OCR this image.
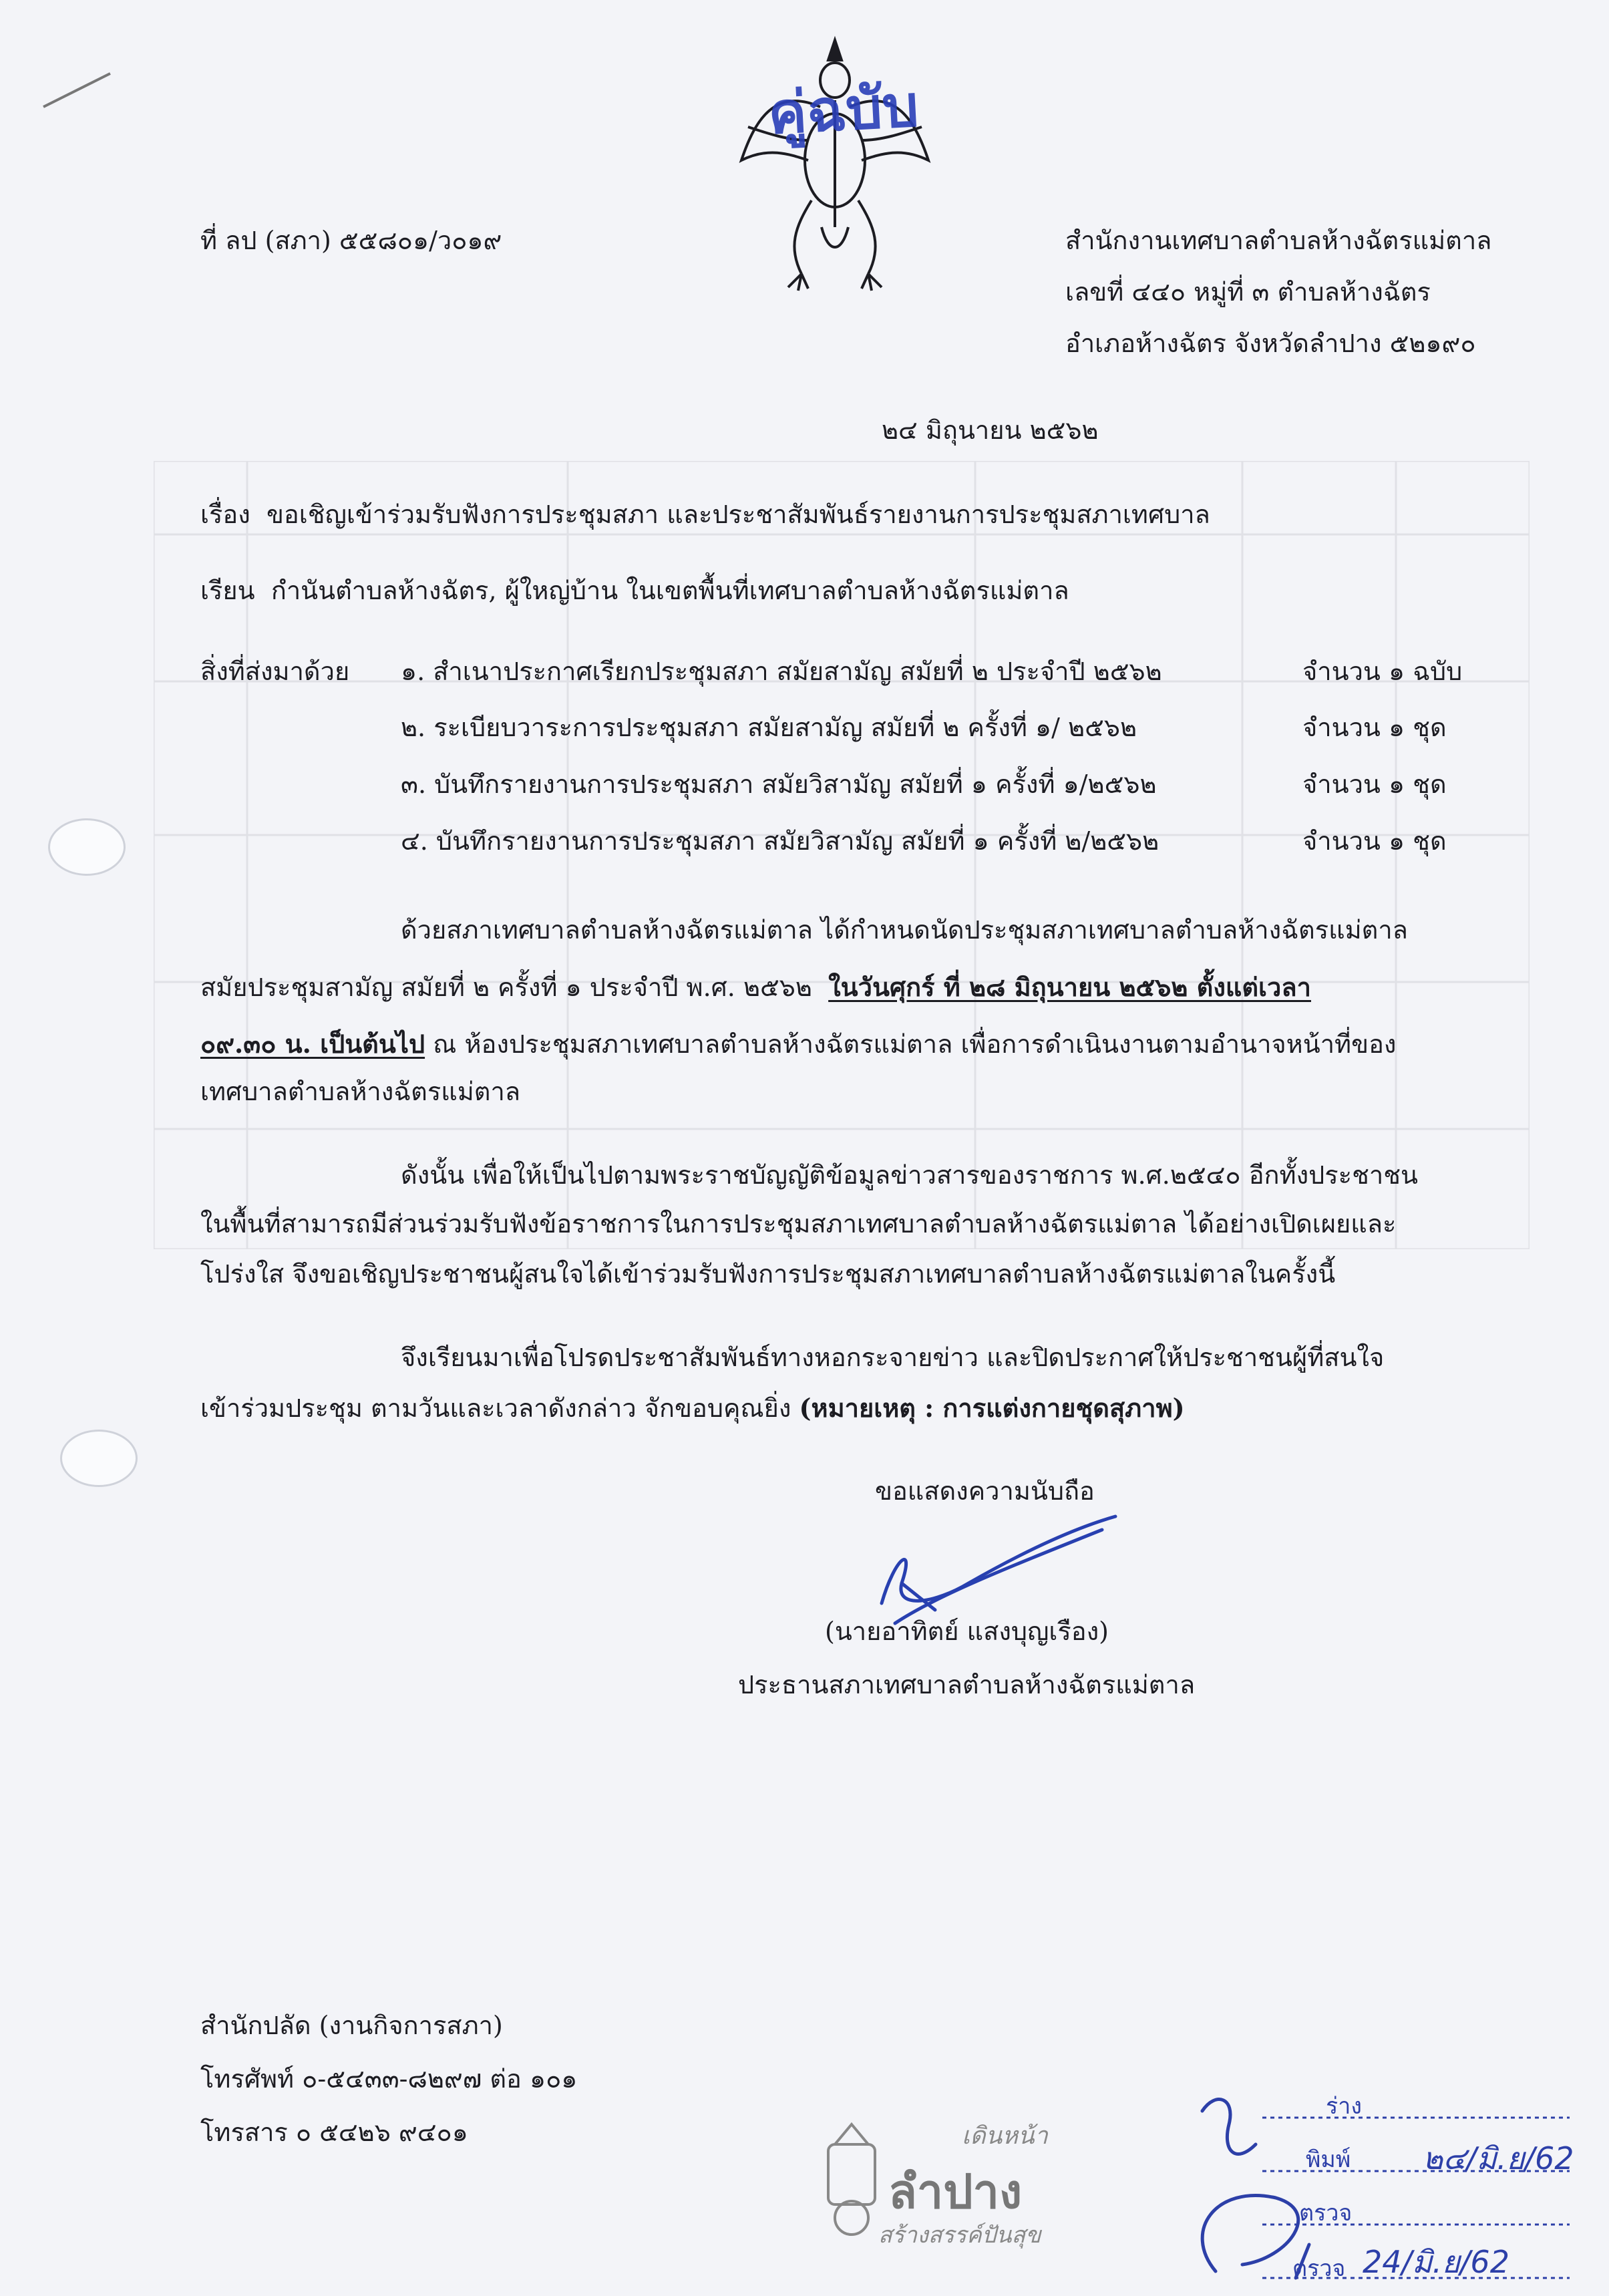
คู่ฉบับ
ที่ ลป (สภา) ๕๕๘๐๑/ว๐๑๙	สำนักงานเทศบาลตำบลห้างฉัตรแม่ตาล
เลขที่ ๔๔๐ หมู่ที่ ๓ ตำบลห้างฉัตร
อำเภอห้างฉัตร จังหวัดลำปาง ๕๒๑๙๐
๒๔ มิถุนายน ๒๕๖๒
เรื่อง ขอเชิญเข้าร่วมรับฟังการประชุมสภา และประชาสัมพันธ์รายงานการประชุมสภาเทศบาล
เรียน กำนันตำบลห้างฉัตร, ผู้ใหญ่บ้าน ในเขตพื้นที่เทศบาลตำบลห้างฉัตรแม่ตาล
สิ่งที่ส่งมาด้วย ๑. สำเนาประกาศเรียกประชุมสภา สมัยสามัญ สมัยที่ ๒ ประจำปี ๒๕๖๒	จำนวน ๑ ฉบับ
๒. ระเบียบวาระการประชุมสภา สมัยสามัญ สมัยที่ ๒ ครั้งที่ ๑/ ๒๕๖๒	จำนวน ๑ ชุด
๓. บันทึกรายงานการประชุมสภา สมัยวิสามัญ สมัยที่ ๑ ครั้งที่ ๑/๒๕๖๒	จำนวน ๑ ชุด
๔. บันทึกรายงานการประชุมสภา สมัยวิสามัญ สมัยที่ ๑ ครั้งที่ ๒/๒๕๖๒	จำนวน ๑ ชุด
ด้วยสภาเทศบาลตำบลห้างฉัตรแม่ตาล ได้กำหนดนัดประชุมสภาเทศบาลตำบลห้างฉัตรแม่ตาล
สมัยประชุมสามัญ สมัยที่ ๒ ครั้งที่ ๑ ประจำปี พ.ศ. ๒๕๖๒ ในวันศุกร์ ที่ ๒๘ มิถุนายน ๒๕๖๒ ตั้งแต่เวลา
๐๙.๓๐ น. เป็นต้นไป ณ ห้องประชุมสภาเทศบาลตำบลห้างฉัตรแม่ตาล เพื่อการดำเนินงานตามอำนาจหน้าที่ของ
เทศบาลตำบลห้างฉัตรแม่ตาล
ดังนั้น เพื่อให้เป็นไปตามพระราชบัญญัติข้อมูลข่าวสารของราชการ พ.ศ.๒๕๔๐ อีกทั้งประชาชน
ในพื้นที่สามารถมีส่วนร่วมรับฟังข้อราชการในการประชุมสภาเทศบาลตำบลห้างฉัตรแม่ตาล ได้อย่างเปิดเผยและ
โปร่งใส จึงขอเชิญประชาชนผู้สนใจได้เข้าร่วมรับฟังการประชุมสภาเทศบาลตำบลห้างฉัตรแม่ตาลในครั้งนี้
จึงเรียนมาเพื่อโปรดประชาสัมพันธ์ทางหอกระจายข่าว และปิดประกาศให้ประชาชนผู้ที่สนใจ
เข้าร่วมประชุม ตามวันและเวลาดังกล่าว จักขอบคุณยิ่ง (หมายเหตุ : การแต่งกายชุดสุภาพ)
ขอแสดงความนับถือ
(นายอาทิตย์ แสงบุญเรือง)
ประธานสภาเทศบาลตำบลห้างฉัตรแม่ตาล
สำนักปลัด (งานกิจการสภา)
โทรศัพท์ ๐-๕๔๓๓-๘๒๙๗ ต่อ ๑๐๑
โทรสาร ๐ ๕๔๒๖ ๙๔๐๑	เดินหน้า
ลำปาง
สร้างสรรค์ปันสุข
ร่าง
พิมพ์ ๒๔/มิ.ย/62
ตรวจ
ตรวจ 24/มิ.ย/62
